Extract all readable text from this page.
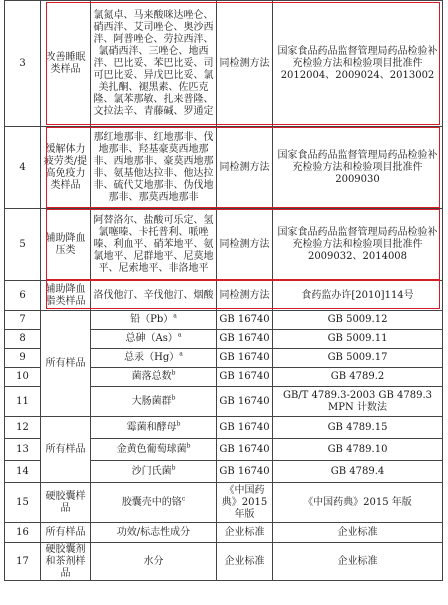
3	改善睡眠类样品	氯氮卓、马来酸咪达唑仑、硝西泮、艾司唑仑、奥沙西泮、阿普唑仑、劳拉西泮、氯硝西泮、三唑仑、地西泮、巴比妥、苯巴比妥、司可巴比妥、异戊巴比妥、氯美扎酮、褪黑素、佐匹克隆、氯苯那敏、扎来普隆、文拉法辛、青藤碱、罗通定	同检测方法	国家食品药品监督管理局药品检验补充检验方法和检验项目批准件 2012004、2009024、2013002
4	缓解体力疲劳类/提高免疫力类样品	那红地那非、红地那非、伐地那非、羟基豪莫西地那非、西地那非、豪莫西地那非、氨基他达拉非、他达拉非、硫代艾地那非、伪伐地那非、那莫西地那非	同检测方法	国家食品药品监督管理局药品检验补充检验方法和检验项目批准件 2009030
5	辅助降血压类	阿替洛尔、盐酸可乐定、氢氯噻嗪、卡托普利、哌唑嗪、利血平、硝苯地平、氨氯地平、尼群地平、尼莫地平、尼索地平、非洛地平	同检测方法	国家食品药品监督管理局药品检验补充检验方法和检验项目批准件 2009032、2014008
6	辅助降血脂类样品	洛伐他汀、辛伐他汀、烟酸	同检测方法	食药监办许[2010]114号
7	所有样品	铅$(Pb)^a$	GB 16740	GB 5009.12
8		总砷$(As)^a$	GB 16740	GB 5009.11
9		总汞$(Hg)^a$	GB 16740	GB 5009.17
10		菌落总数$^b$	GB 16740	GB 4789.2
11		大肠菌群$^b$	GB 16740	GB/T 4789.3-2003 GB 4789.3 MPN 计数法
12	所有样品	霉菌和酵母$^b$	GB 16740	GB 4789.15
13		金黄色葡萄球菌$^b$	GB 16740	GB 4789.10
14		沙门氏菌$^b$	GB 16740	GB 4789.4
15	硬胶囊样品	胶囊壳中的铬$^c$	《中国药典》2015年版	《中国药典》2015 年版
16	所有样品	功效/标志性成分	企业标准	企业标准
17	硬胶囊剂和茶剂样品	水分	企业标准	企业标准
